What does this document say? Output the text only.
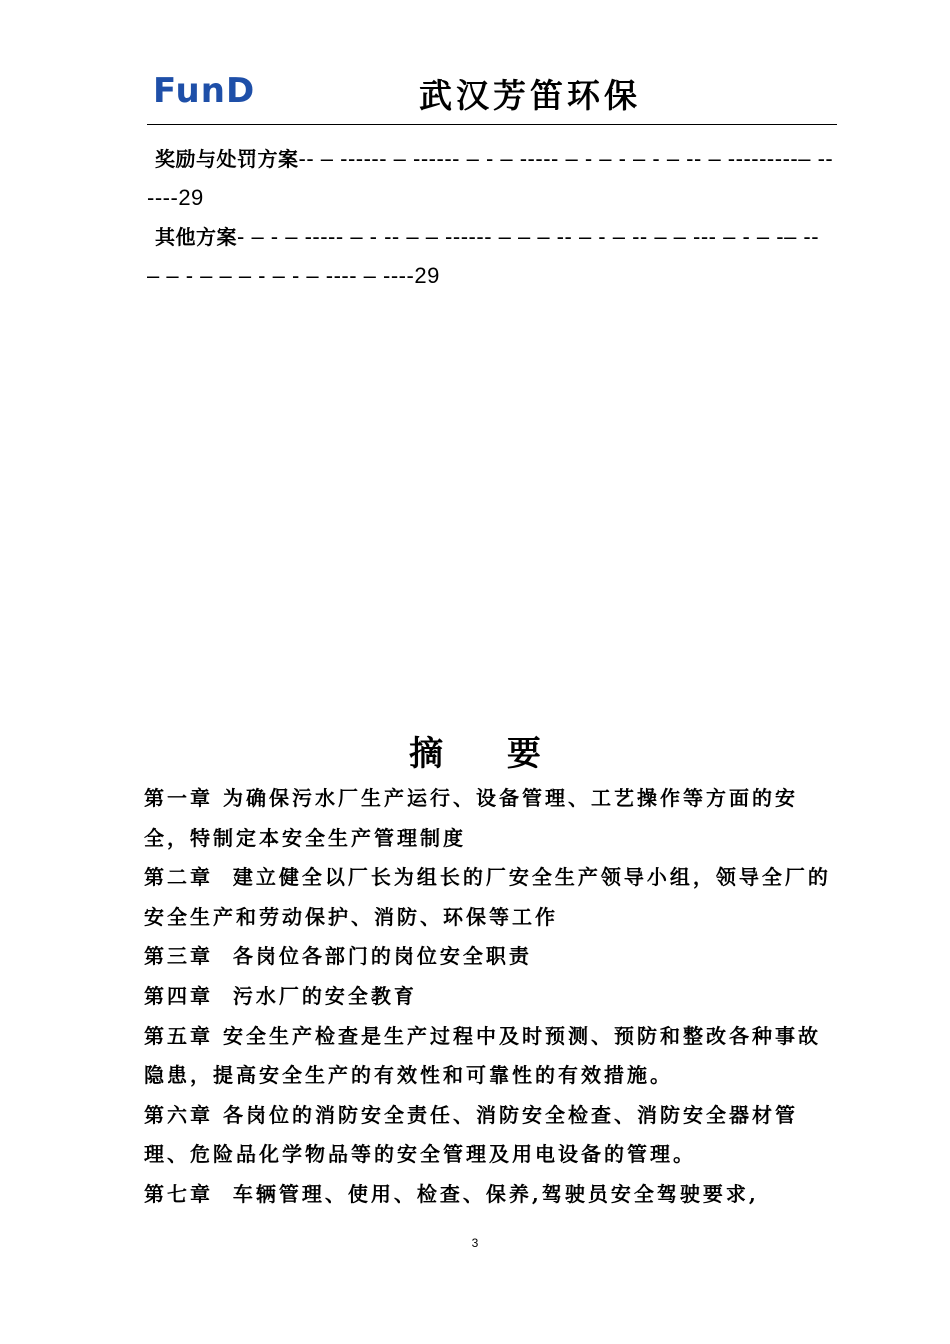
FunD	武汉芳笛环保
奖励与处罚方案-- – ------ – ------ – - – ----- – - – - – - – -- – ---------– ------29
其他方案- – - – ----- – - -- – – ------ – – – -- – - – -- – – --- – - – -– -- – – - – – – - – - – ---- – ----29
摘 要

第一章 为确保污水厂生产运行、设备管理、工艺操作等方面的安全，特制定本安全生产管理制度

第二章  建立健全以厂长为组长的厂安全生产领导小组，领导全厂的安全生产和劳动保护、消防、环保等工作

第三章  各岗位各部门的岗位安全职责

第四章  污水厂的安全教育

第五章 安全生产检查是生产过程中及时预测、预防和整改各种事故隐患，提高安全生产的有效性和可靠性的有效措施。

第六章 各岗位的消防安全责任、消防安全检查、消防安全器材管理、危险品化学物品等的安全管理及用电设备的管理。

第七章  车辆管理、使用、检查、保养,驾驶员安全驾驶要求,

3
